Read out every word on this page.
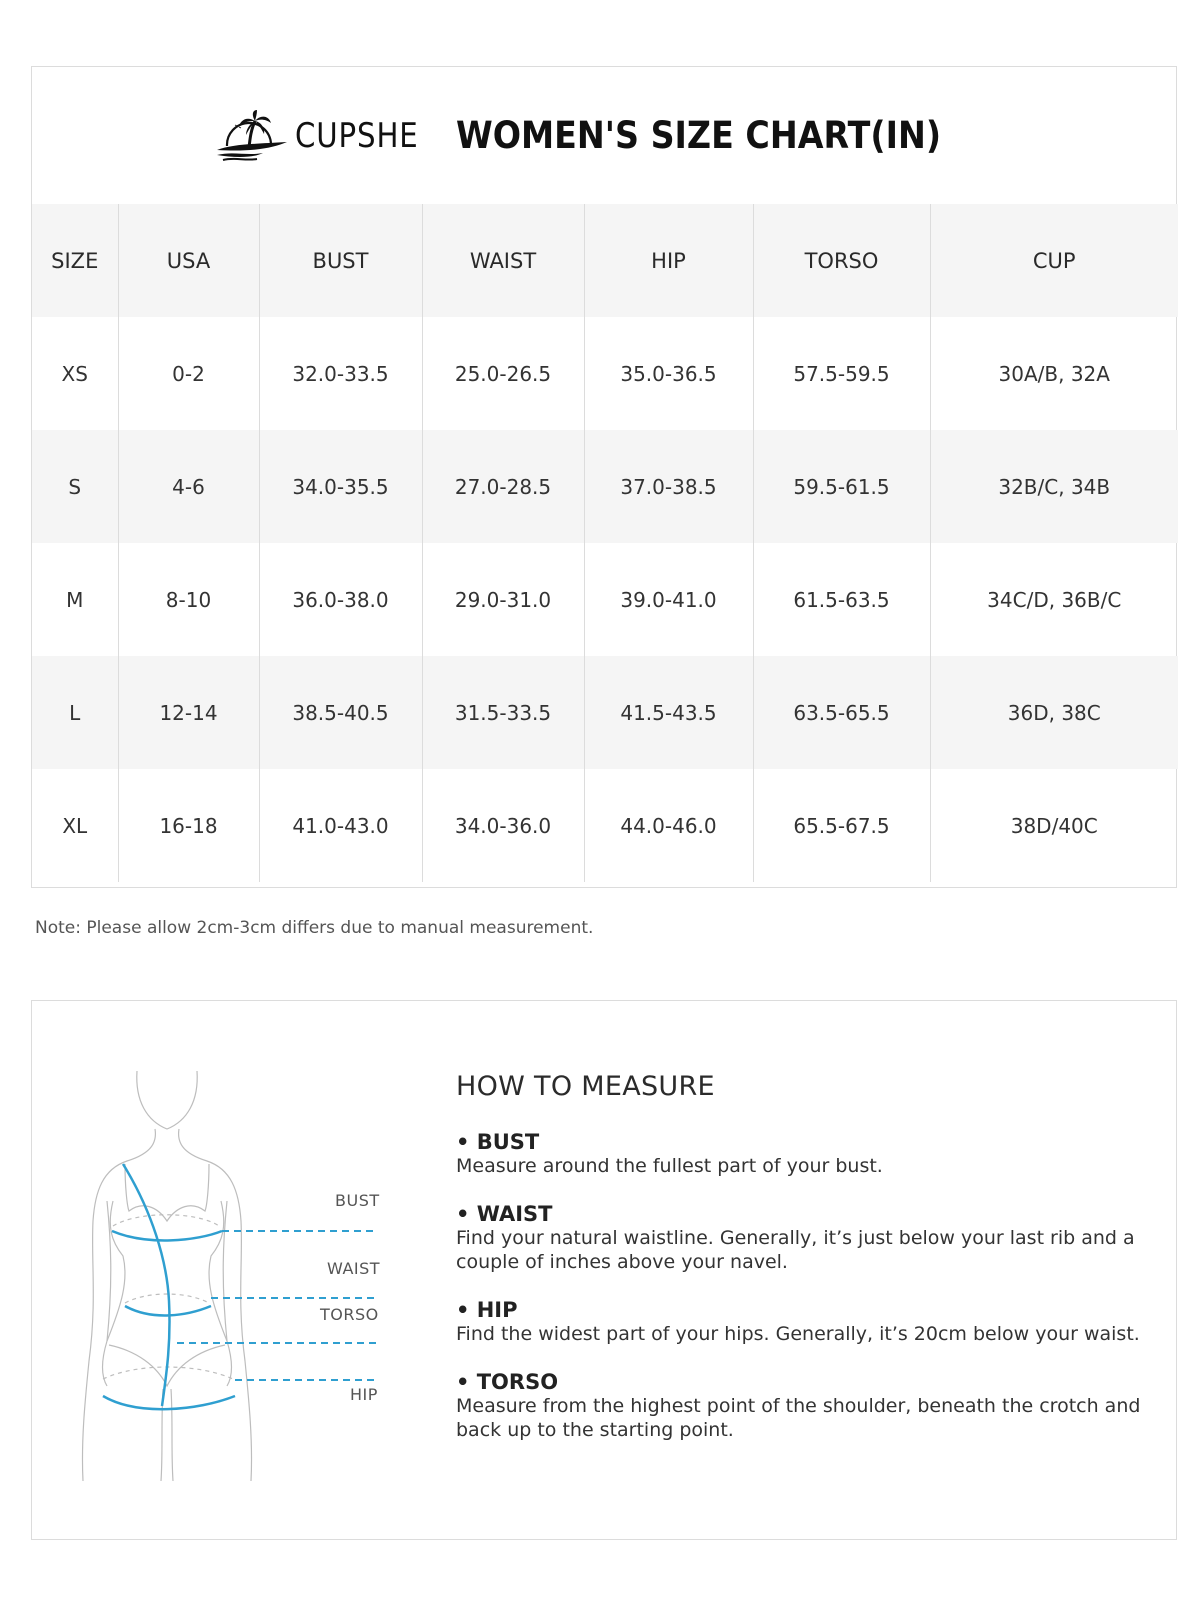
CUPSHE WOMEN'S SIZE CHART(IN)
SIZE	USA	BUST	WAIST	HIP	TORSO	CUP
XS	0-2	32.0-33.5	25.0-26.5	35.0-36.5	57.5-59.5	30A/B, 32A
S	4-6	34.0-35.5	27.0-28.5	37.0-38.5	59.5-61.5	32B/C, 34B
M	8-10	36.0-38.0	29.0-31.0	39.0-41.0	61.5-63.5	34C/D, 36B/C
L	12-14	38.5-40.5	31.5-33.5	41.5-43.5	63.5-65.5	36D, 38C
XL	16-18	41.0-43.0	34.0-36.0	44.0-46.0	65.5-67.5	38D/40C
Note: Please allow 2cm-3cm differs due to manual measurement.
BUST
WAIST
TORSO
HIP
HOW TO MEASURE
• BUST
Measure around the fullest part of your bust.
• WAIST
Find your natural waistline. Generally, it’s just below your last rib and a couple of inches above your navel.
• HIP
Find the widest part of your hips. Generally, it’s 20cm below your waist.
• TORSO
Measure from the highest point of the shoulder, beneath the crotch and back up to the starting point.
